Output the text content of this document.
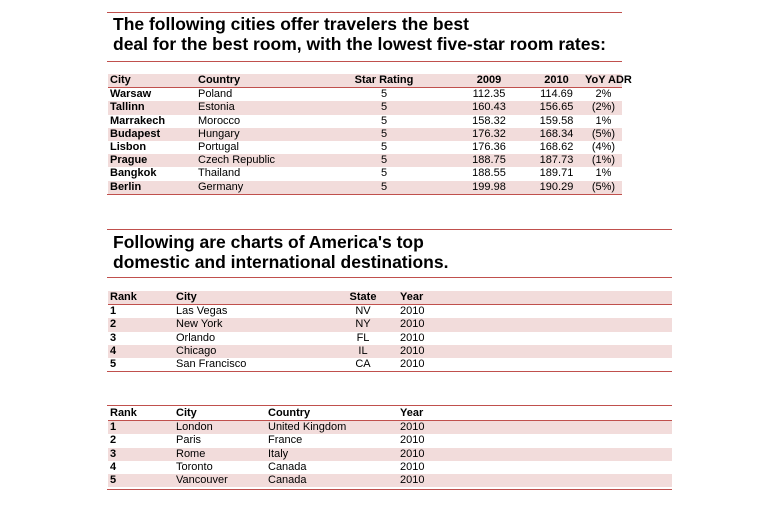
The following cities offer travelers the best
deal for the best room, with the lowest five-star room rates:
City	Country	Star Rating	2009	2010	YoY ADR
Warsaw	Poland	5	112.35	114.69	2%
Tallinn	Estonia	5	160.43	156.65	(2%)
Marrakech	Morocco	5	158.32	159.58	1%
Budapest	Hungary	5	176.32	168.34	(5%)
Lisbon	Portugal	5	176.36	168.62	(4%)
Prague	Czech Republic	5	188.75	187.73	(1%)
Bangkok	Thailand	5	188.55	189.71	1%
Berlin	Germany	5	199.98	190.29	(5%)
Following are charts of America's top
domestic and international destinations.
Rank	City	State	Year
1	Las Vegas	NV	2010
2	New York	NY	2010
3	Orlando	FL	2010
4	Chicago	IL	2010
5	San Francisco	CA	2010
Rank	City	Country	Year
1	London	United Kingdom	2010
2	Paris	France	2010
3	Rome	Italy	2010
4	Toronto	Canada	2010
5	Vancouver	Canada	2010
